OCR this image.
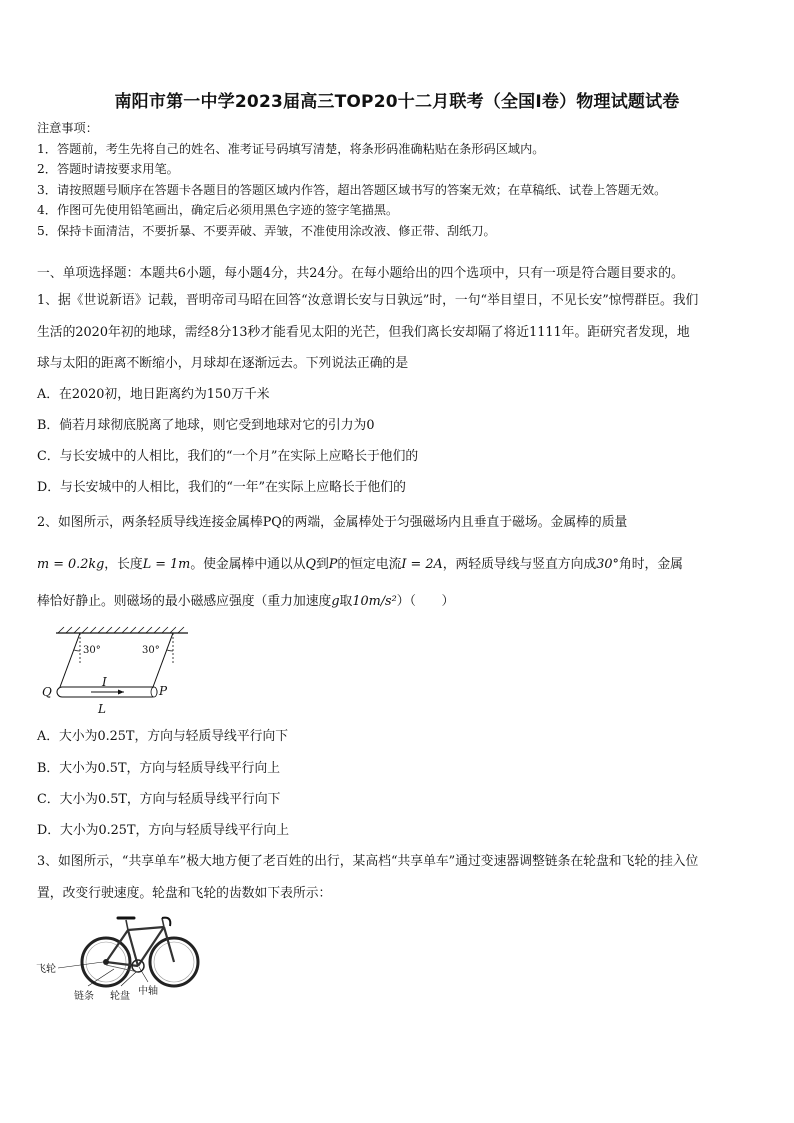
南阳市第一中学2023届高三TOP20十二月联考（全国Ⅰ卷）物理试题试卷
注意事项：
1．答题前，考生先将自己的姓名、准考证号码填写清楚，将条形码准确粘贴在条形码区域内。
2．答题时请按要求用笔。
3．请按照题号顺序在答题卡各题目的答题区域内作答，超出答题区域书写的答案无效；在草稿纸、试卷上答题无效。
4．作图可先使用铅笔画出，确定后必须用黑色字迹的签字笔描黑。
5．保持卡面清洁，不要折暴、不要弄破、弄皱，不准使用涂改液、修正带、刮纸刀。
一、单项选择题：本题共6小题，每小题4分，共24分。在每小题给出的四个选项中，只有一项是符合题目要求的。
1、据《世说新语》记载，晋明帝司马昭在回答“汝意谓长安与日孰远”时，一句“举目望日，不见长安”惊愕群臣。我们
生活的2020年初的地球，需经8分13秒才能看见太阳的光芒，但我们离长安却隔了将近1111年。距研究者发现，地
球与太阳的距离不断缩小，月球却在逐渐远去。下列说法正确的是
A．在2020初，地日距离约为150万千米
B．倘若月球彻底脱离了地球，则它受到地球对它的引力为0
C．与长安城中的人相比，我们的“一个月”在实际上应略长于他们的
D．与长安城中的人相比，我们的“一年”在实际上应略长于他们的
2、如图所示，两条轻质导线连接金属棒PQ的两端，金属棒处于匀强磁场内且垂直于磁场。金属棒的质量
m = 0.2kg，长度L = 1m。使金属棒中通以从Q到P的恒定电流I = 2A，两轻质导线与竖直方向成30°角时，金属
棒恰好静止。则磁场的最小磁感应强度（重力加速度g取10m/s²）（　　）
30°	30°
I
Q	P
L
A．大小为0.25T，方向与轻质导线平行向下
B．大小为0.5T，方向与轻质导线平行向上
C．大小为0.5T，方向与轻质导线平行向下
D．大小为0.25T，方向与轻质导线平行向上
3、如图所示，“共享单车”极大地方便了老百姓的出行，某高档“共享单车”通过变速器调整链条在轮盘和飞轮的挂入位
置，改变行驶速度。轮盘和飞轮的齿数如下表所示：
飞轮
链条 轮盘 中轴
